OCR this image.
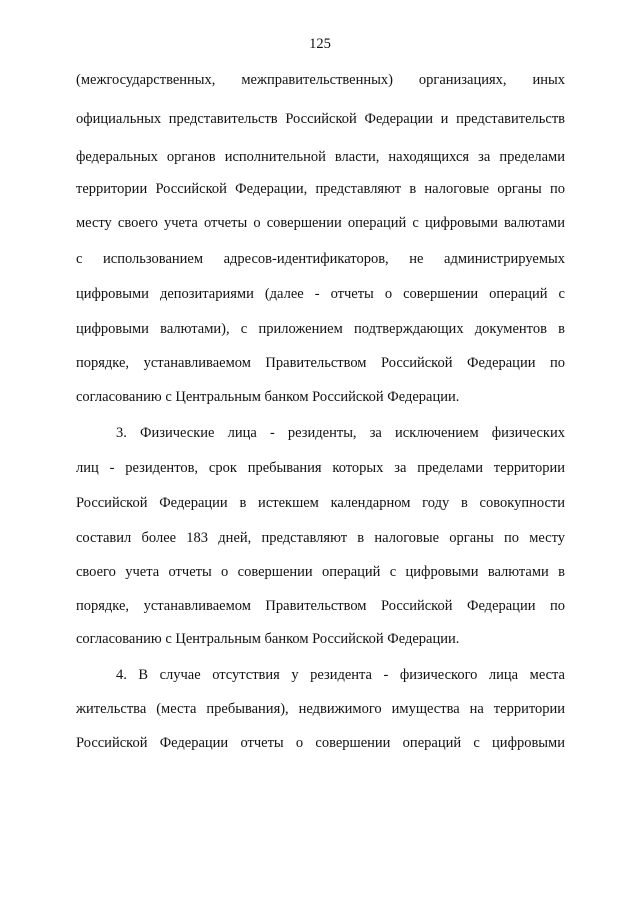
125
(межгосударственных, межправительственных) организациях, иных
официальных представительств Российской Федерации и представительств
федеральных органов исполнительной власти, находящихся за пределами
территории Российской Федерации, представляют в налоговые органы по
месту своего учета отчеты о совершении операций с цифровыми валютами
с использованием адресов-идентификаторов, не администрируемых
цифровыми депозитариями (далее - отчеты о совершении операций с
цифровыми валютами), с приложением подтверждающих документов в
порядке, устанавливаемом Правительством Российской Федерации по
согласованию с Центральным банком Российской Федерации.
3. Физические лица - резиденты, за исключением физических
лиц - резидентов, срок пребывания которых за пределами территории
Российской Федерации в истекшем календарном году в совокупности
составил более 183 дней, представляют в налоговые органы по месту
своего учета отчеты о совершении операций с цифровыми валютами в
порядке, устанавливаемом Правительством Российской Федерации по
согласованию с Центральным банком Российской Федерации.
4. В случае отсутствия у резидента - физического лица места
жительства (места пребывания), недвижимого имущества на территории
Российской Федерации отчеты о совершении операций с цифровыми
